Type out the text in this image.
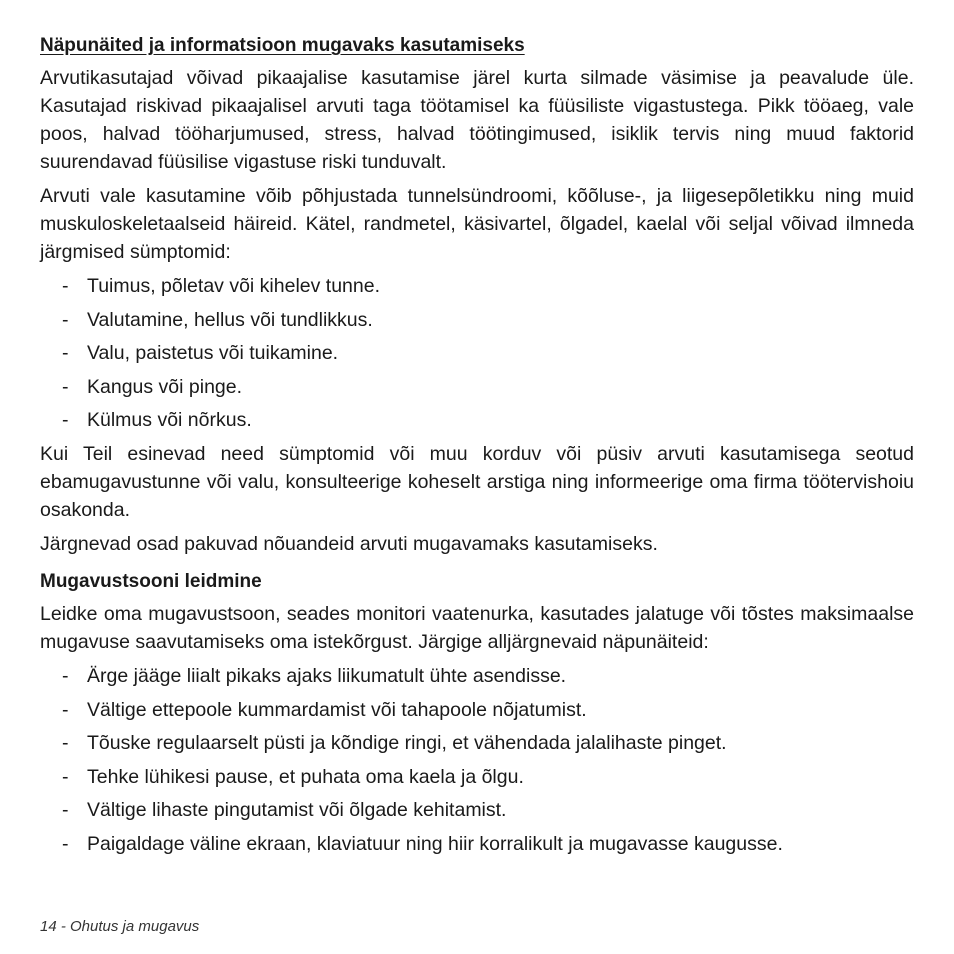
Näpunäited ja informatsioon mugavaks kasutamiseks

Arvutikasutajad võivad pikaajalise kasutamise järel kurta silmade väsimise ja peavalude üle. Kasutajad riskivad pikaajalisel arvuti taga töötamisel ka füüsiliste vigastustega. Pikk tööaeg, vale poos, halvad tööharjumused, stress, halvad töötingimused, isiklik tervis ning muud faktorid suurendavad füüsilise vigastuse riski tunduvalt.

Arvuti vale kasutamine võib põhjustada tunnelsündroomi, kõõluse-, ja liigesepõletikku ning muid muskuloskeletaalseid häireid. Kätel, randmetel, käsivartel, õlgadel, kaelal või seljal võivad ilmneda järgmised sümptomid:

- Tuimus, põletav või kihelev tunne.
- Valutamine, hellus või tundlikkus.
- Valu, paistetus või tuikamine.
- Kangus või pinge.
- Külmus või nõrkus.

Kui Teil esinevad need sümptomid või muu korduv või püsiv arvuti kasutamisega seotud ebamugavustunne või valu, konsulteerige koheselt arstiga ning informeerige oma firma töötervishoiu osakonda.

Järgnevad osad pakuvad nõuandeid arvuti mugavamaks kasutamiseks.

Mugavustsooni leidmine

Leidke oma mugavustsoon, seades monitori vaatenurka, kasutades jalatuge või tõstes maksimaalse mugavuse saavutamiseks oma istekõrgust. Järgige alljärgnevaid näpunäiteid:

- Ärge jääge liialt pikaks ajaks liikumatult ühte asendisse.
- Vältige ettepoole kummardamist või tahapoole nõjatumist.
- Tõuske regulaarselt püsti ja kõndige ringi, et vähendada jalalihaste pinget.
- Tehke lühikesi pause, et puhata oma kaela ja õlgu.
- Vältige lihaste pingutamist või õlgade kehitamist.
- Paigaldage väline ekraan, klaviatuur ning hiir korralikult ja mugavasse kaugusse.
14 - Ohutus ja mugavus
